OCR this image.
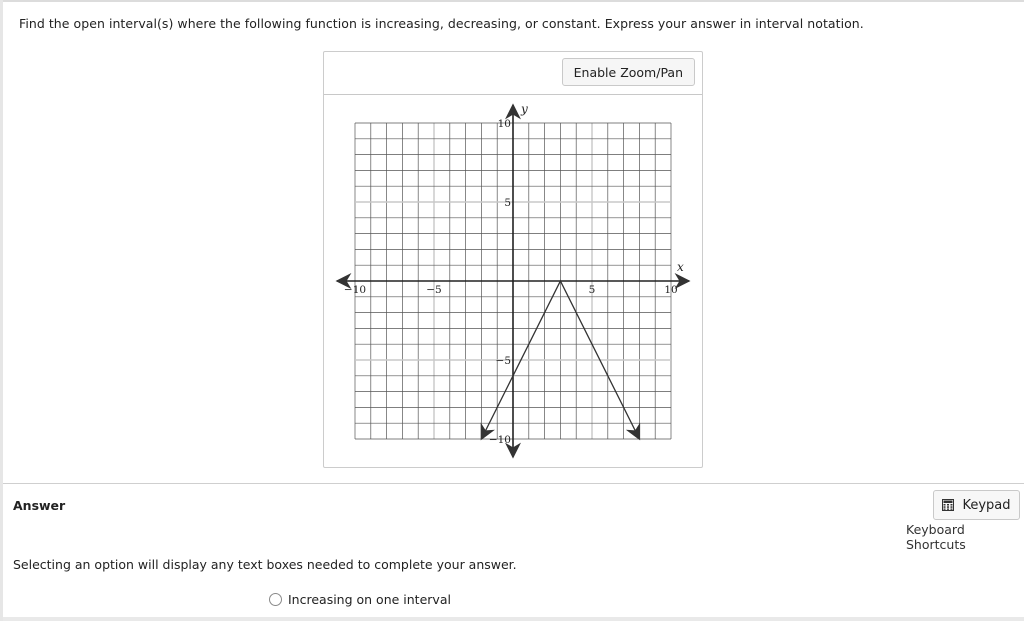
Find the open interval(s) where the following function is increasing, decreasing, or constant. Express your answer in interval notation.
Enable Zoom/Pan
x
y
−10	−5	5	10
10
5
−5
−10
Answer	Keypad
Keyboard Shortcuts
Selecting an option will display any text boxes needed to complete your answer.
Increasing on one interval
